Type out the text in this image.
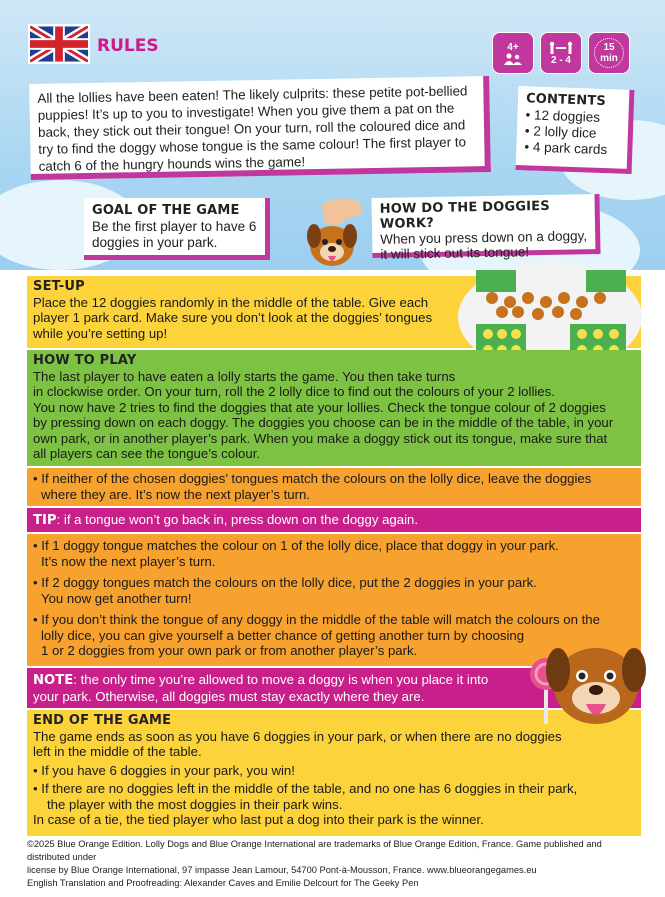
RULES	4+
2 - 4
15
min

All the lollies have been eaten! The likely culprits: these petite pot-bellied puppies! It’s up to you to investigate! When you give them a pat on the back, they stick out their tongue! On your turn, roll the coloured dice and try to find the doggy whose tongue is the same colour! The first player to catch 6 of the hungry hounds wins the game!

CONTENTS
• 12 doggies
• 2 lolly dice
• 4 park cards
GOAL OF THE GAME

Be the first player to have 6 doggies in your park.

HOW DO THE DOGGIES WORK?

When you press down on a doggy, it will stick out its tongue!

SET-UP

Place the 12 doggies randomly in the middle of the table. Give each player 1 park card. Make sure you don’t look at the doggies’ tongues while you’re setting up!

HOW TO PLAY

The last player to have eaten a lolly starts the game. You then take turns

in clockwise order. On your turn, roll the 2 lolly dice to find out the colours of your 2 lollies.

You now have 2 tries to find the doggies that ate your lollies. Check the tongue colour of 2 doggies

by pressing down on each doggy. The doggies you choose can be in the middle of the table, in your

own park, or in another player’s park. When you make a doggy stick out its tongue, make sure that

all players can see the tongue’s colour.

• If neither of the chosen doggies’ tongues match the colours on the lolly dice, leave the doggies

where they are. It’s now the next player’s turn.

TIP: if a tongue won’t go back in, press down on the doggy again.

• If 1 doggy tongue matches the colour on 1 of the lolly dice, place that doggy in your park.

It’s now the next player’s turn.

• If 2 doggy tongues match the colours on the lolly dice, put the 2 doggies in your park.

You now get another turn!

• If you don’t think the tongue of any doggy in the middle of the table will match the colours on the

lolly dice, you can give yourself a better chance of getting another turn by choosing

1 or 2 doggies from your own park or from another player’s park.

NOTE: the only time you’re allowed to move a doggy is when you place it into

your park. Otherwise, all doggies must stay exactly where they are.

END OF THE GAME

The game ends as soon as you have 6 doggies in your park, or when there are no doggies

left in the middle of the table.

• If you have 6 doggies in your park, you win!

• If there are no doggies left in the middle of the table, and no one has 6 doggies in their park,

the player with the most doggies in their park wins.

In case of a tie, the tied player who last put a dog into their park is the winner.

©2025 Blue Orange Edition. Lolly Dogs and Blue Orange International are trademarks of Blue Orange Edition, France. Game published and distributed under

license by Blue Orange International, 97 impasse Jean Lamour, 54700 Pont-à-Mousson, France. www.blueorangegames.eu

English Translation and Proofreading: Alexander Caves and Emilie Delcourt for The Geeky Pen
